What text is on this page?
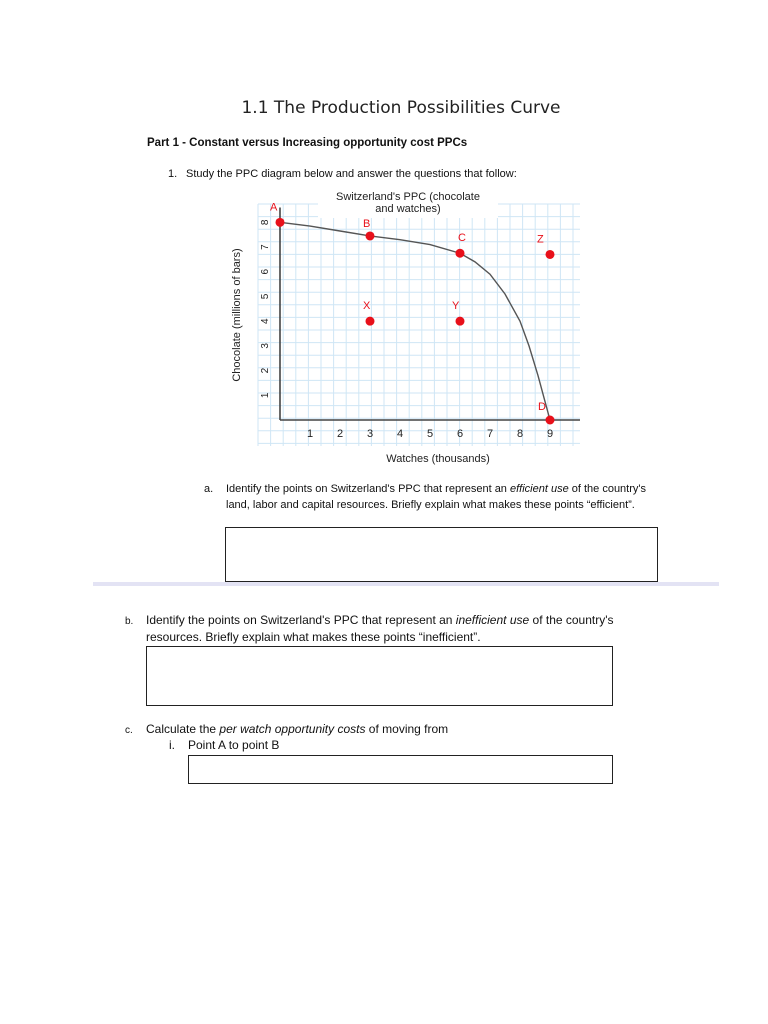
1.1 The Production Possibilities Curve
Part 1 - Constant versus Increasing opportunity cost PPCs
1. Study the PPC diagram below and answer the questions that follow:
Switzerland's PPC (chocolate
and watches)
1 2 3 4 5 6 7 8 9
1
2
3
4
5
6
7
8
Watches (thousands)
Chocolate (millions of bars)
A
B
C	Z
X	Y
D
a. Identify the points on Switzerland's PPC that represent an efficient use of the country's land, labor and capital resources. Briefly explain what makes these points “efficient”.
b. Identify the points on Switzerland's PPC that represent an inefficient use of the country's resources. Briefly explain what makes these points “inefficient”.
c. Calculate the per watch opportunity costs of moving from
i. Point A to point B
